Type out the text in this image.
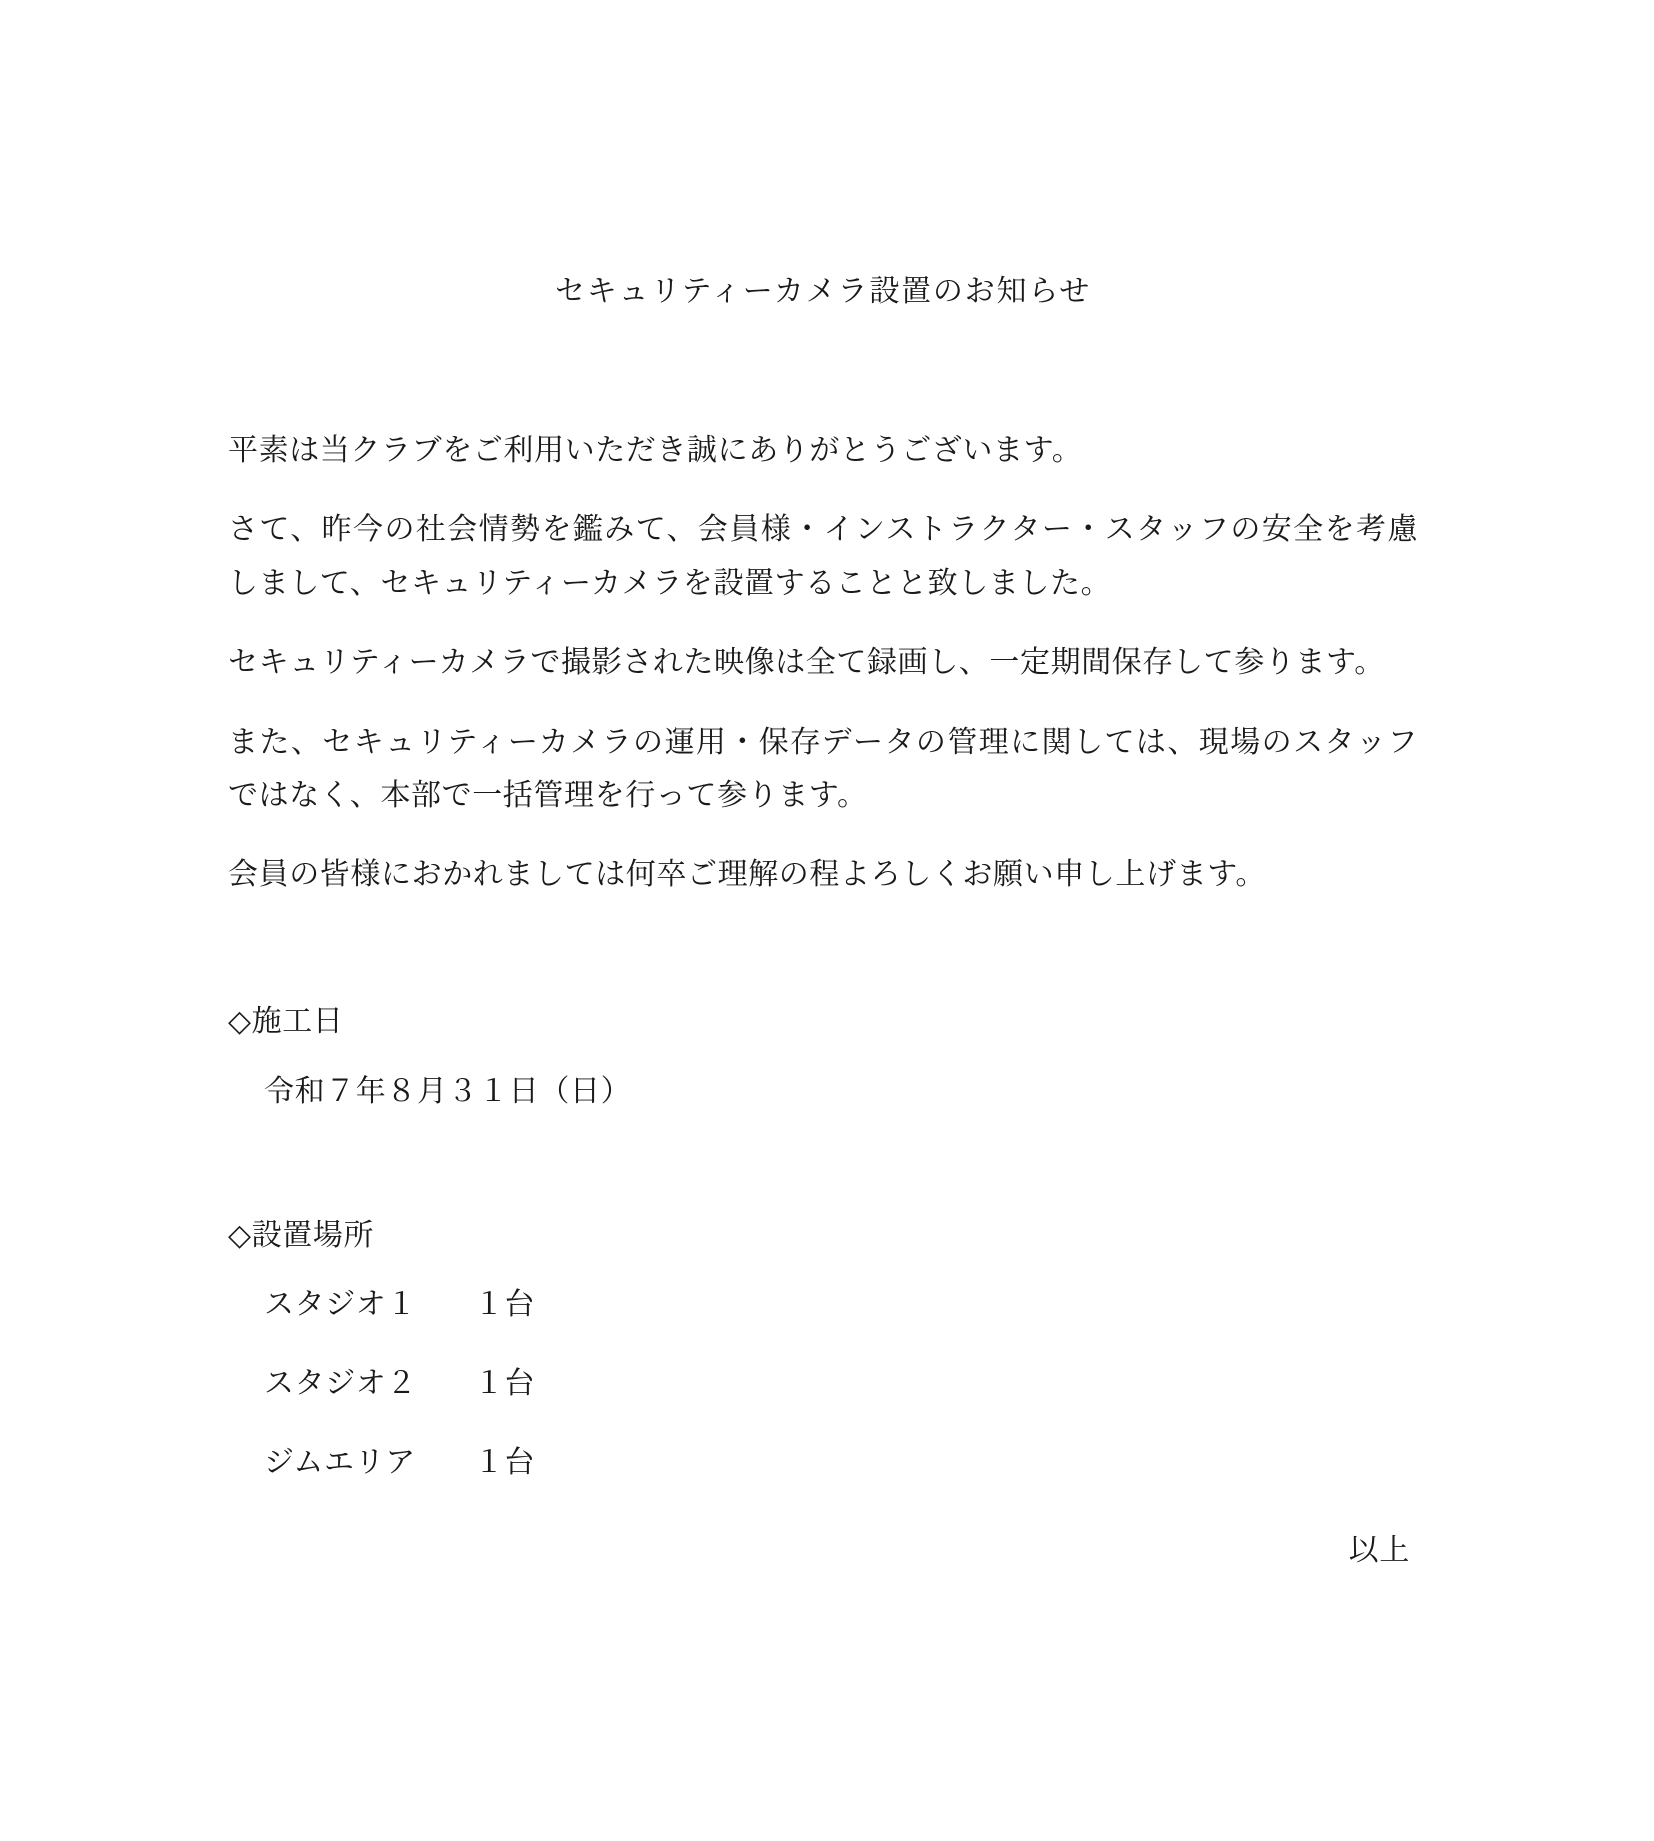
セキュリティーカメラ設置のお知らせ

平素は当クラブをご利用いただき誠にありがとうございます。

さて、昨今の社会情勢を鑑みて、会員様・インストラクター・スタッフの安全を考慮しまして、セキュリティーカメラを設置することと致しました。

セキュリティーカメラで撮影された映像は全て録画し、一定期間保存して参ります。

また、セキュリティーカメラの運用・保存データの管理に関しては、現場のスタッフではなく、本部で一括管理を行って参ります。

会員の皆様におかれましては何卒ご理解の程よろしくお願い申し上げます。

◇施工日
令和７年８月３１日（日）
◇設置場所
スタジオ１	１台
スタジオ２	１台
ジムエリア	１台
以上
